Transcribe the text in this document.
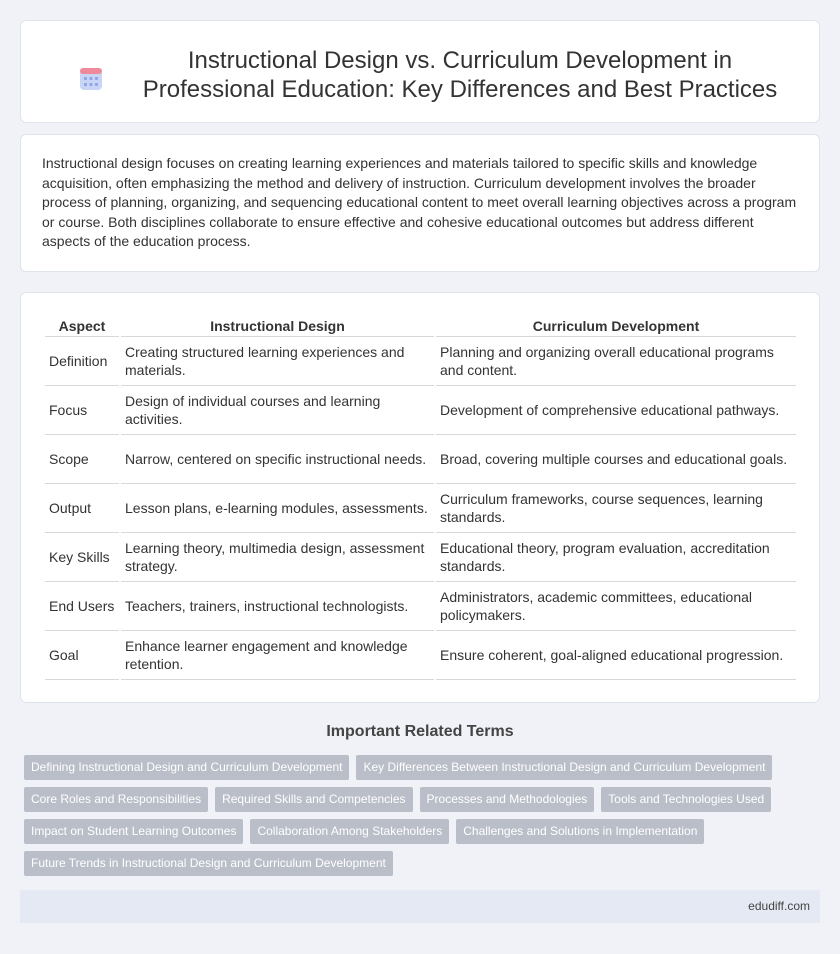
Instructional Design vs. Curriculum Development in Professional Education: Key Differences and Best Practices

Instructional design focuses on creating learning experiences and materials tailored to specific skills and knowledge acquisition, often emphasizing the method and delivery of instruction. Curriculum development involves the broader process of planning, organizing, and sequencing educational content to meet overall learning objectives across a program or course. Both disciplines collaborate to ensure effective and cohesive educational outcomes but address different aspects of the education process.

Aspect	Instructional Design	Curriculum Development
Definition	Creating structured learning experiences and materials.	Planning and organizing overall educational programs and content.
Focus	Design of individual courses and learning activities.	Development of comprehensive educational pathways.
Scope	Narrow, centered on specific instructional needs.	Broad, covering multiple courses and educational goals.
Output	Lesson plans, e-learning modules, assessments.	Curriculum frameworks, course sequences, learning standards.
Key Skills	Learning theory, multimedia design, assessment strategy.	Educational theory, program evaluation, accreditation standards.
End Users	Teachers, trainers, instructional technologists.	Administrators, academic committees, educational policymakers.
Goal	Enhance learner engagement and knowledge retention.	Ensure coherent, goal-aligned educational progression.
Important Related Terms
Defining Instructional Design and Curriculum Development	Key Differences Between Instructional Design and Curriculum Development
Core Roles and Responsibilities	Required Skills and Competencies	Processes and Methodologies	Tools and Technologies Used
Impact on Student Learning Outcomes	Collaboration Among Stakeholders	Challenges and Solutions in Implementation
Future Trends in Instructional Design and Curriculum Development
edudiff.com
